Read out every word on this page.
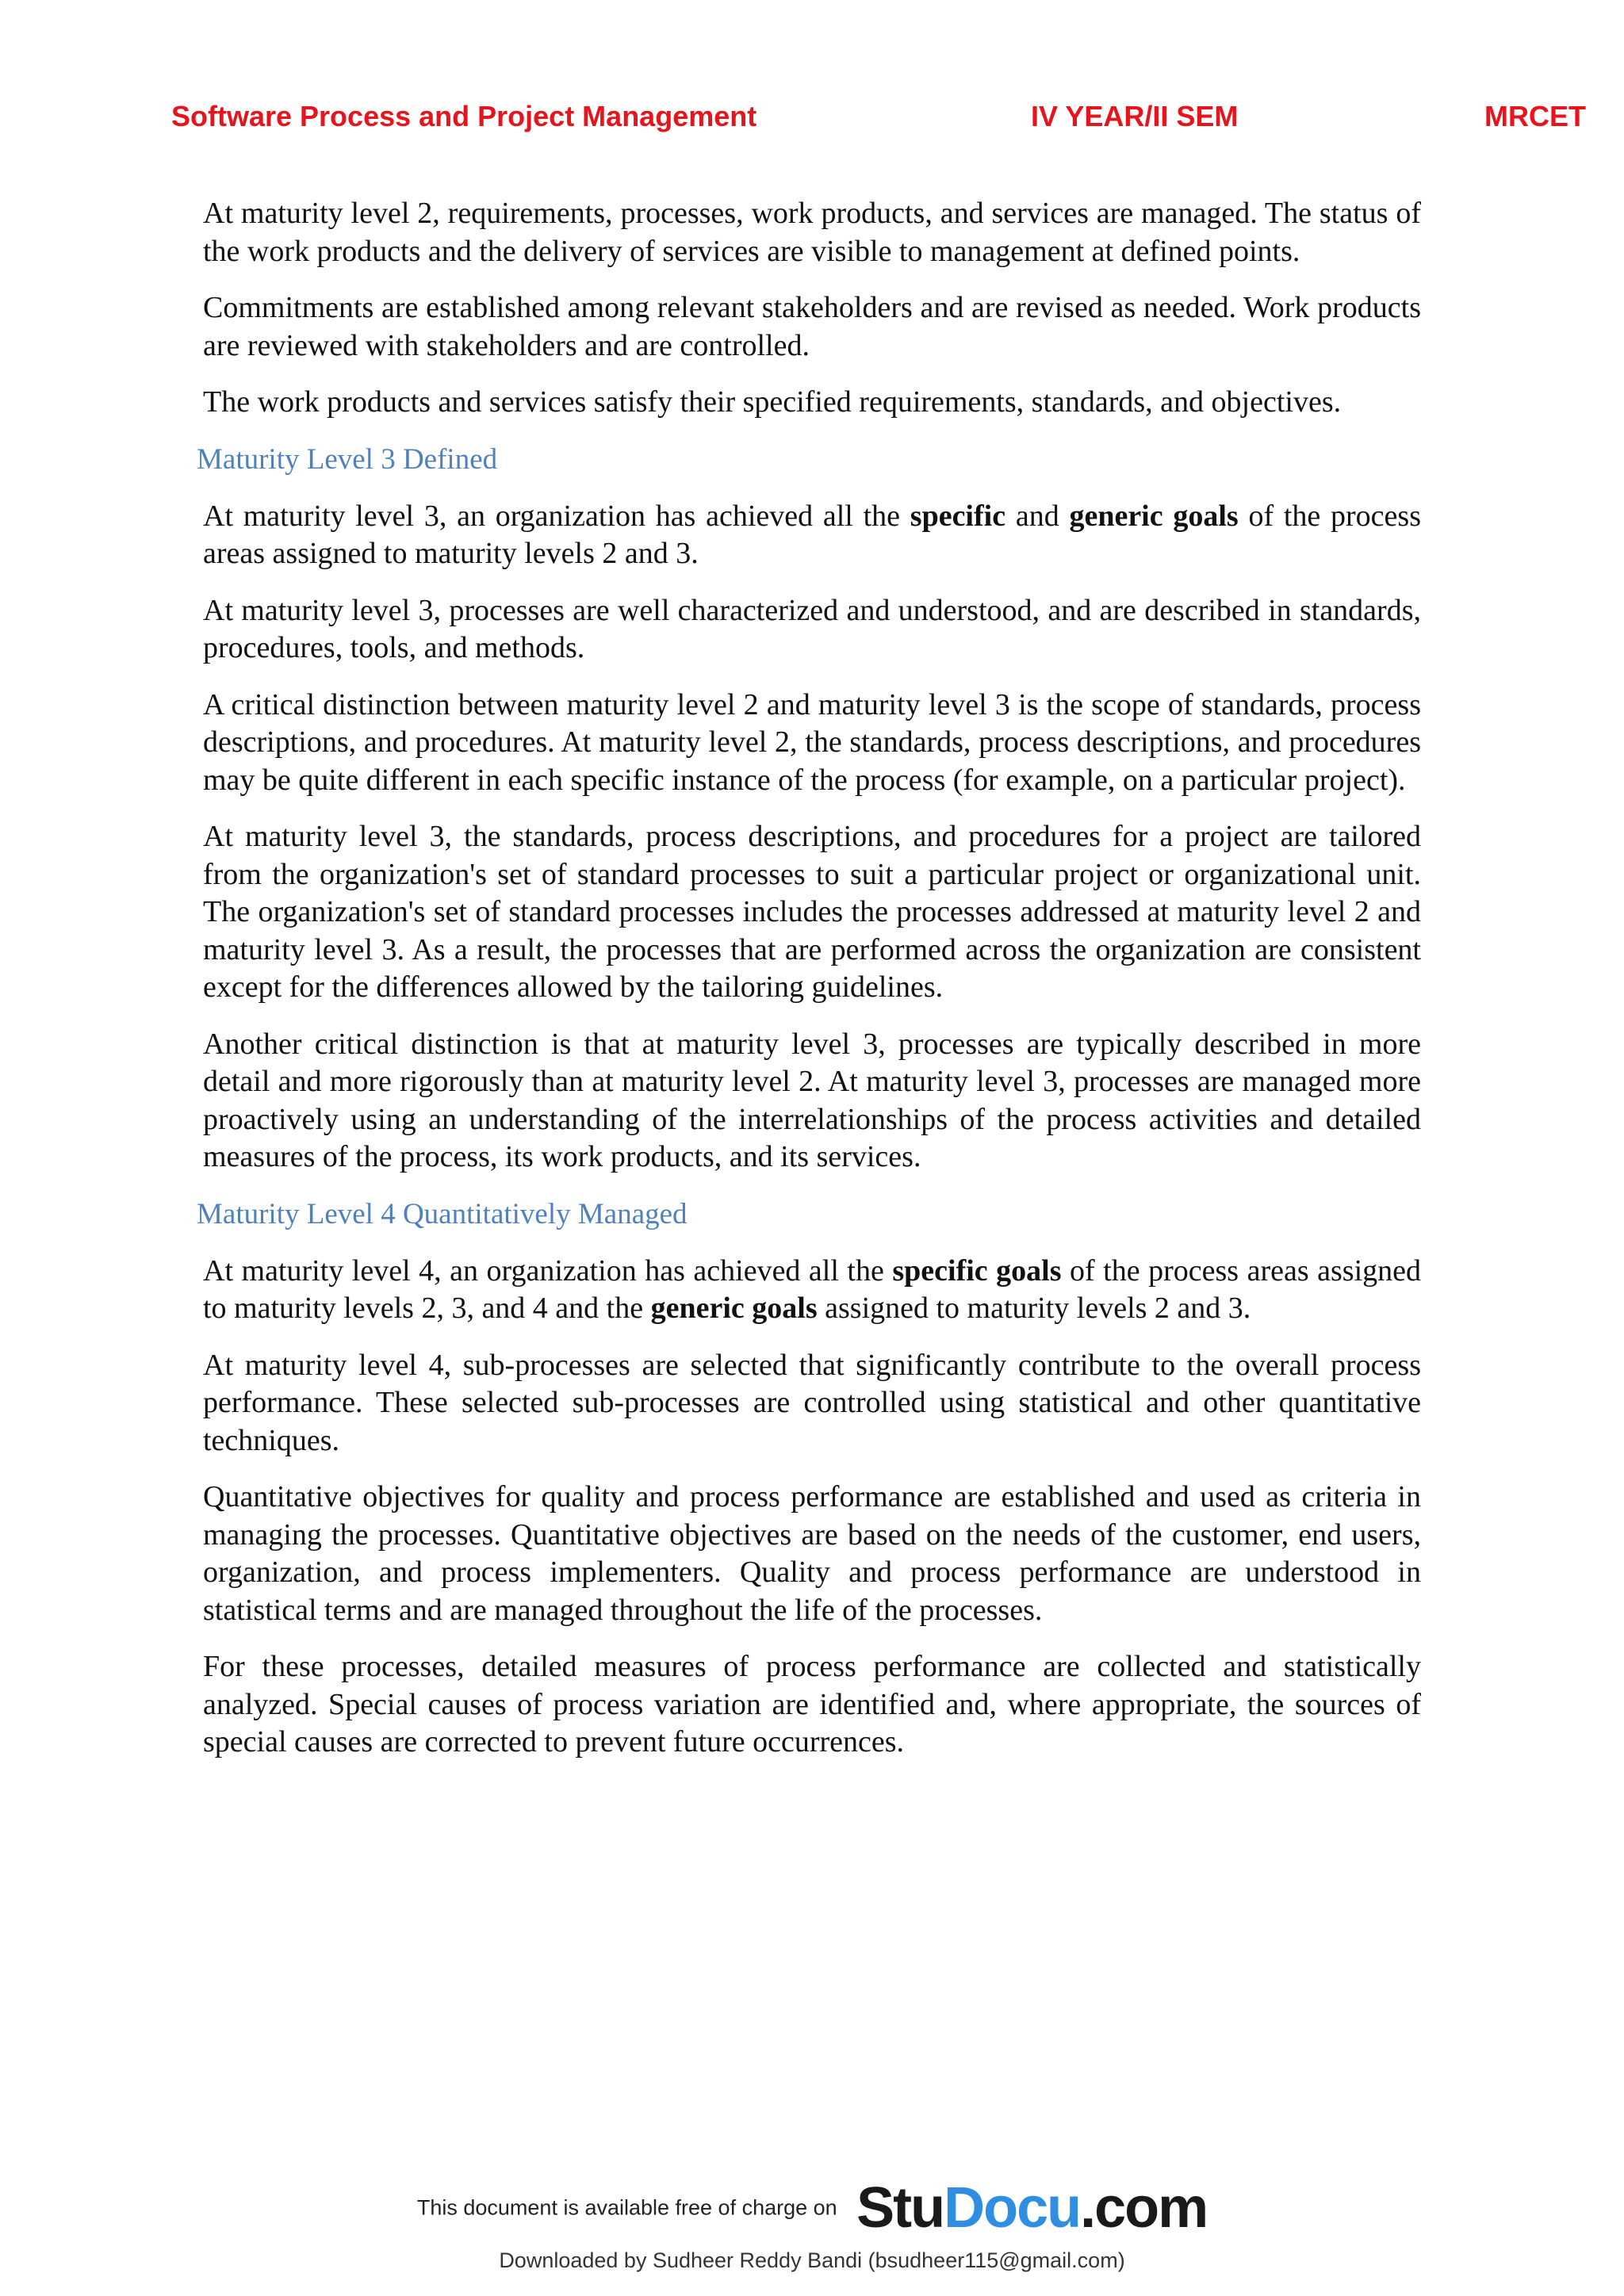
Software Process and Project Management	IV YEAR/II SEM	MRCET

At maturity level 2, requirements, processes, work products, and services are managed. The status of the work products and the delivery of services are visible to management at defined points.

Commitments are established among relevant stakeholders and are revised as needed. Work products are reviewed with stakeholders and are controlled.

The work products and services satisfy their specified requirements, standards, and objectives.

Maturity Level 3 Defined

At maturity level 3, an organization has achieved all the specific and generic goals of the process areas assigned to maturity levels 2 and 3.

At maturity level 3, processes are well characterized and understood, and are described in standards, procedures, tools, and methods.

A critical distinction between maturity level 2 and maturity level 3 is the scope of standards, process descriptions, and procedures. At maturity level 2, the standards, process descriptions, and procedures may be quite different in each specific instance of the process (for example, on a particular project).

At maturity level 3, the standards, process descriptions, and procedures for a project are tailored from the organization's set of standard processes to suit a particular project or organizational unit. The organization's set of standard processes includes the processes addressed at maturity level 2 and maturity level 3. As a result, the processes that are performed across the organization are consistent except for the differences allowed by the tailoring guidelines.

Another critical distinction is that at maturity level 3, processes are typically described in more detail and more rigorously than at maturity level 2. At maturity level 3, processes are managed more proactively using an understanding of the interrelationships of the process activities and detailed measures of the process, its work products, and its services.

Maturity Level 4 Quantitatively Managed

At maturity level 4, an organization has achieved all the specific goals of the process areas assigned to maturity levels 2, 3, and 4 and the generic goals assigned to maturity levels 2 and 3.

At maturity level 4, sub-processes are selected that significantly contribute to the overall process performance. These selected sub-processes are controlled using statistical and other quantitative techniques.

Quantitative objectives for quality and process performance are established and used as criteria in managing the processes. Quantitative objectives are based on the needs of the customer, end users, organization, and process implementers. Quality and process performance are understood in statistical terms and are managed throughout the life of the processes.

For these processes, detailed measures of process performance are collected and statistically analyzed. Special causes of process variation are identified and, where appropriate, the sources of special causes are corrected to prevent future occurrences.

This document is available free of charge on StuDocu.com
Downloaded by Sudheer Reddy Bandi (bsudheer115@gmail.com)
